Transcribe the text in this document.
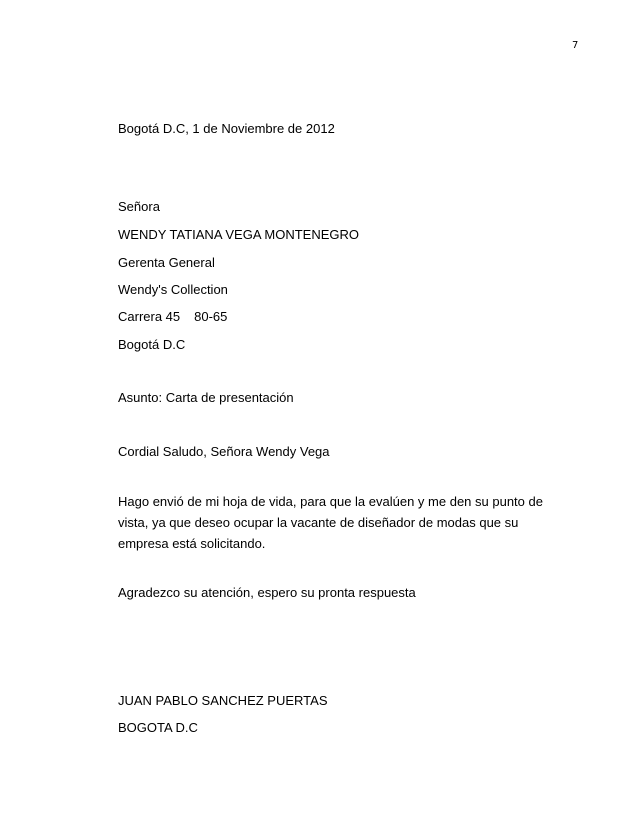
7
Bogotá D.C, 1 de Noviembre de 2012
Señora
WENDY TATIANA VEGA MONTENEGRO
Gerenta General
Wendy's Collection
Carrera 45 80-65
Bogotá D.C
Asunto: Carta de presentación
Cordial Saludo, Señora Wendy Vega
Hago envió de mi hoja de vida, para que la evalúen y me den su punto de
vista, ya que deseo ocupar la vacante de diseñador de modas que su
empresa está solicitando.
Agradezco su atención, espero su pronta respuesta
JUAN PABLO SANCHEZ PUERTAS
BOGOTA D.C
